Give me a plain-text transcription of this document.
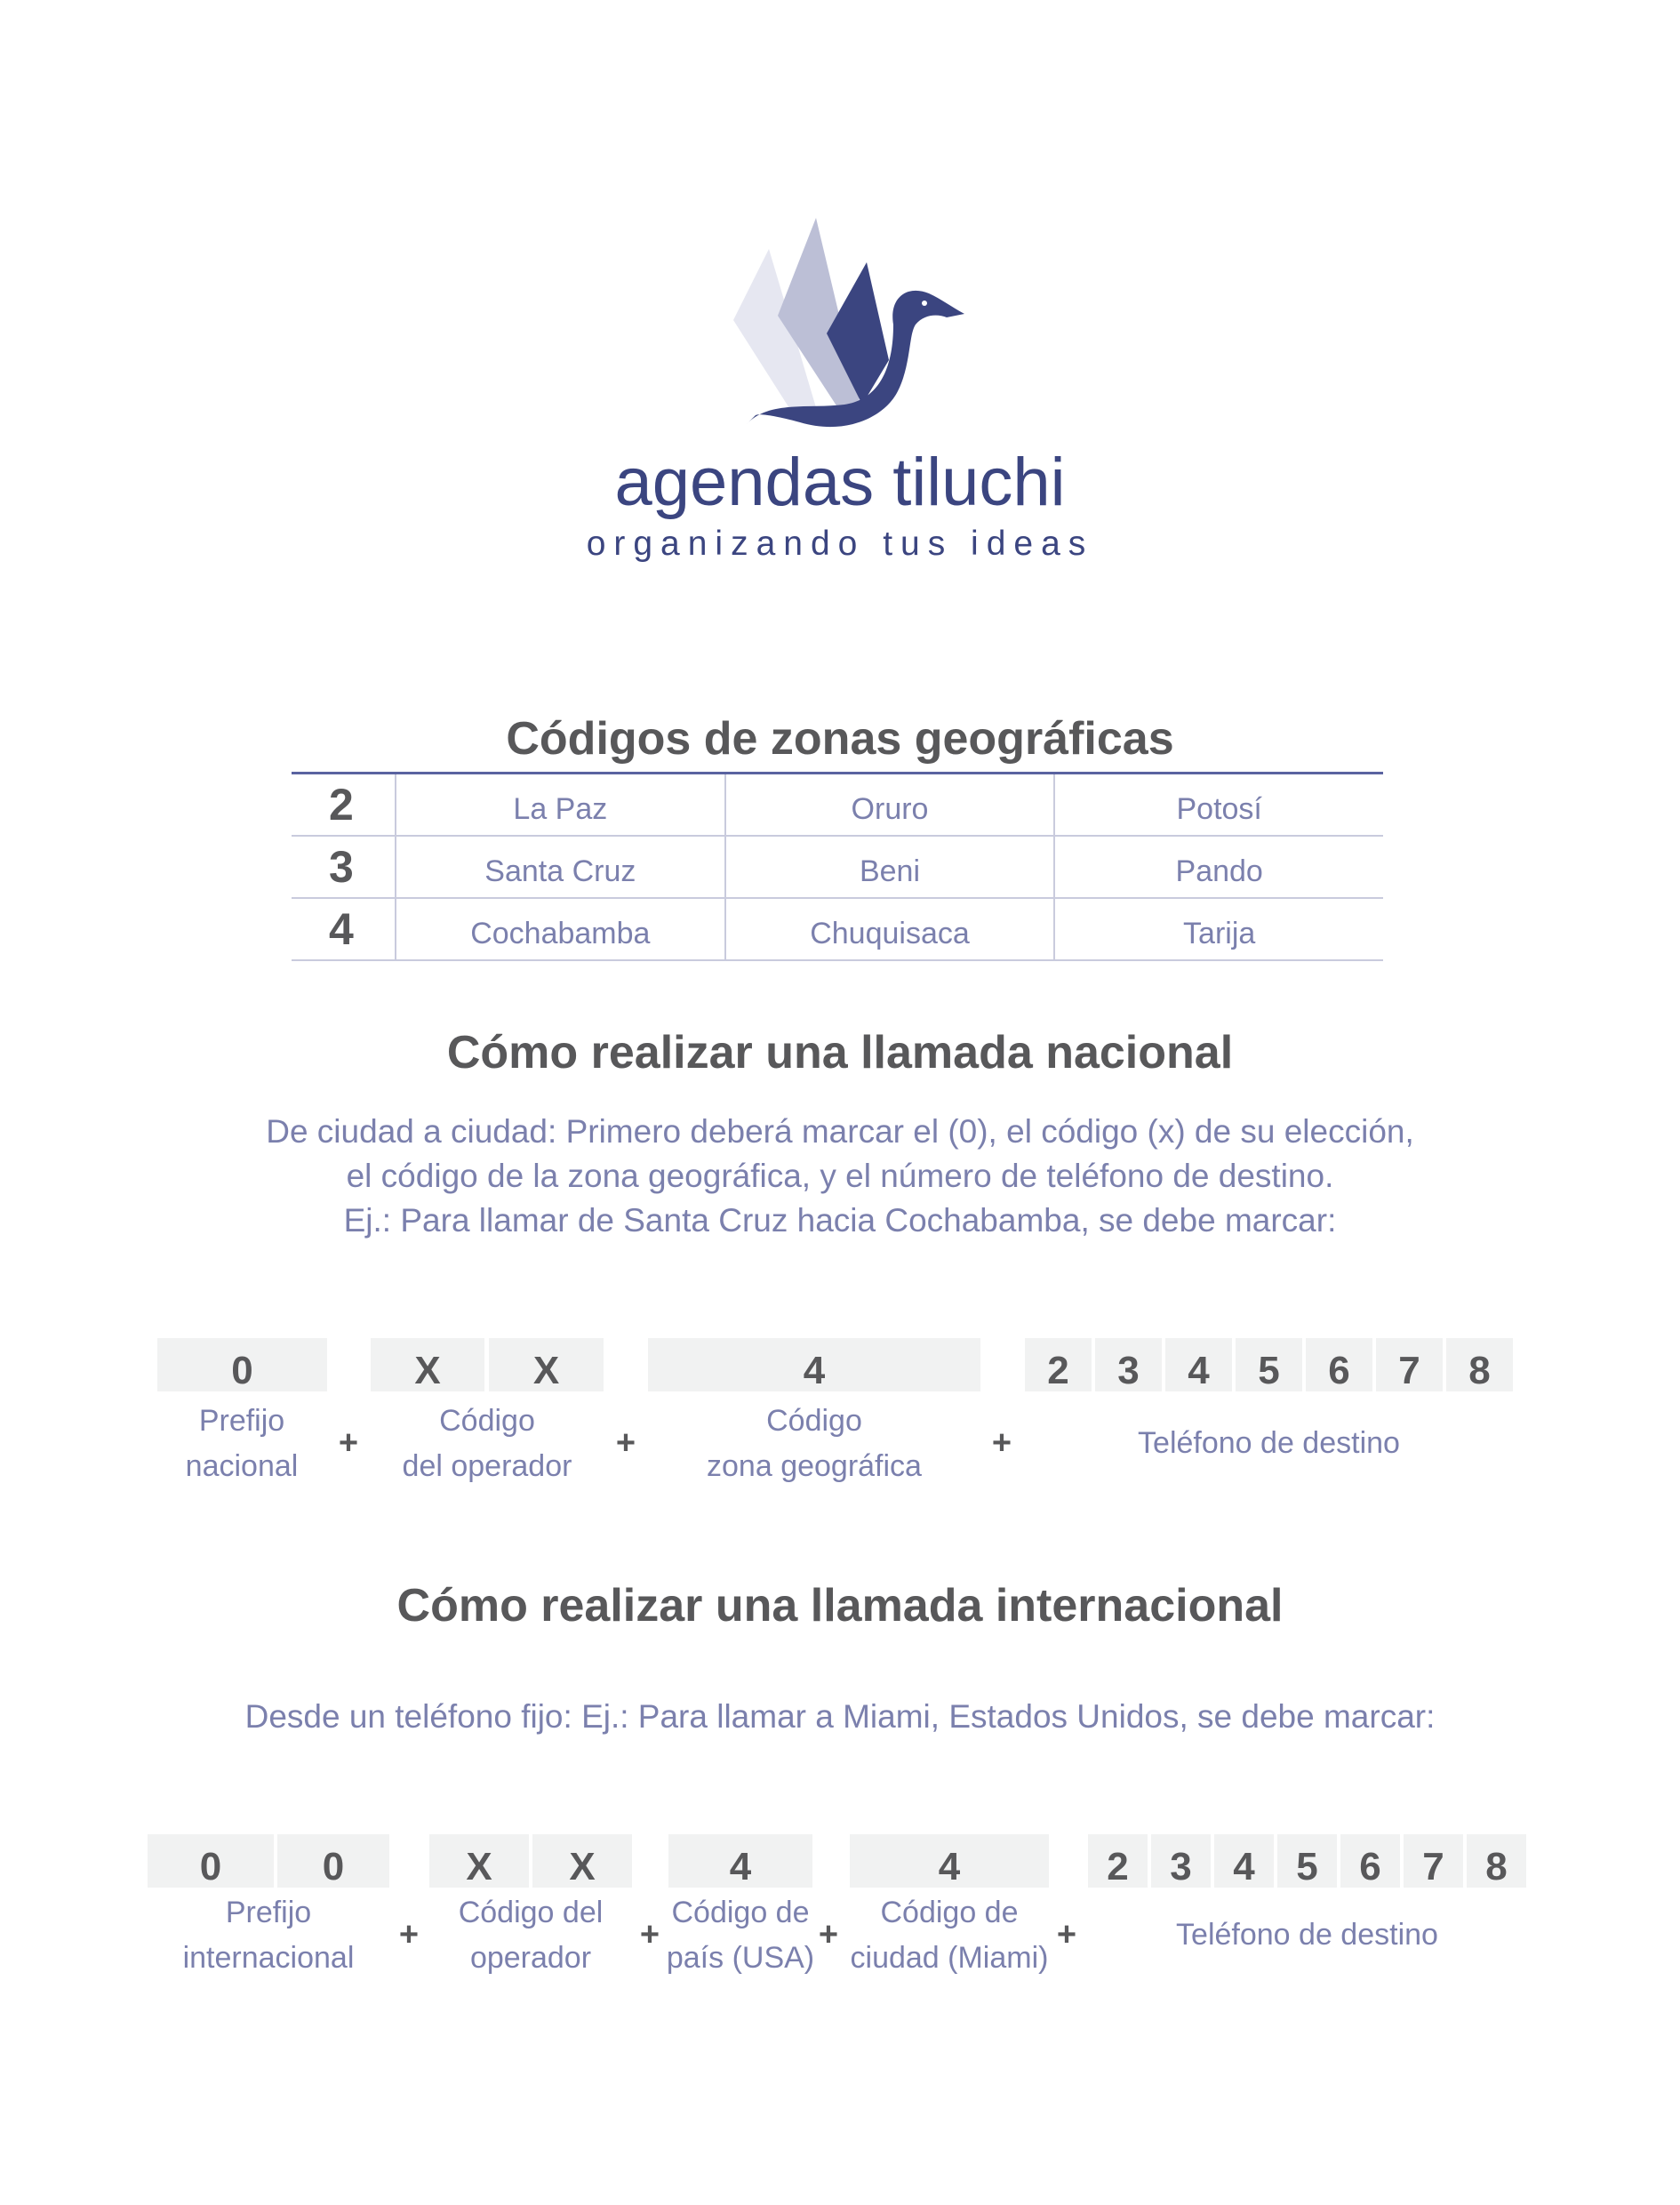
agendas tiluchi
organizando tus ideas
Códigos de zonas geográficas
2	La Paz	Oruro	Potosí
3	Santa Cruz	Beni	Pando
4	Cochabamba	Chuquisaca	Tarija
Cómo realizar una llamada nacional
De ciudad a ciudad: Primero deberá marcar el (0), el código (x) de su elección,
el código de la zona geográfica, y el número de teléfono de destino.
Ej.: Para llamar de Santa Cruz hacia Cochabamba, se debe marcar:
0	X	X	4	2	3	4	5	6	7	8
Prefijo
nacional
+
Código
del operador
+
Código
zona geográfica
+	Teléfono de destino
Cómo realizar una llamada internacional
Desde un teléfono fijo: Ej.: Para llamar a Miami, Estados Unidos, se debe marcar:
0	0	X	X	4	4	2	3	4	5	6	7	8
Prefijo
internacional
+
Código del
operador
+
Código de
país (USA)
+
Código de
ciudad (Miami)
+	Teléfono de destino
